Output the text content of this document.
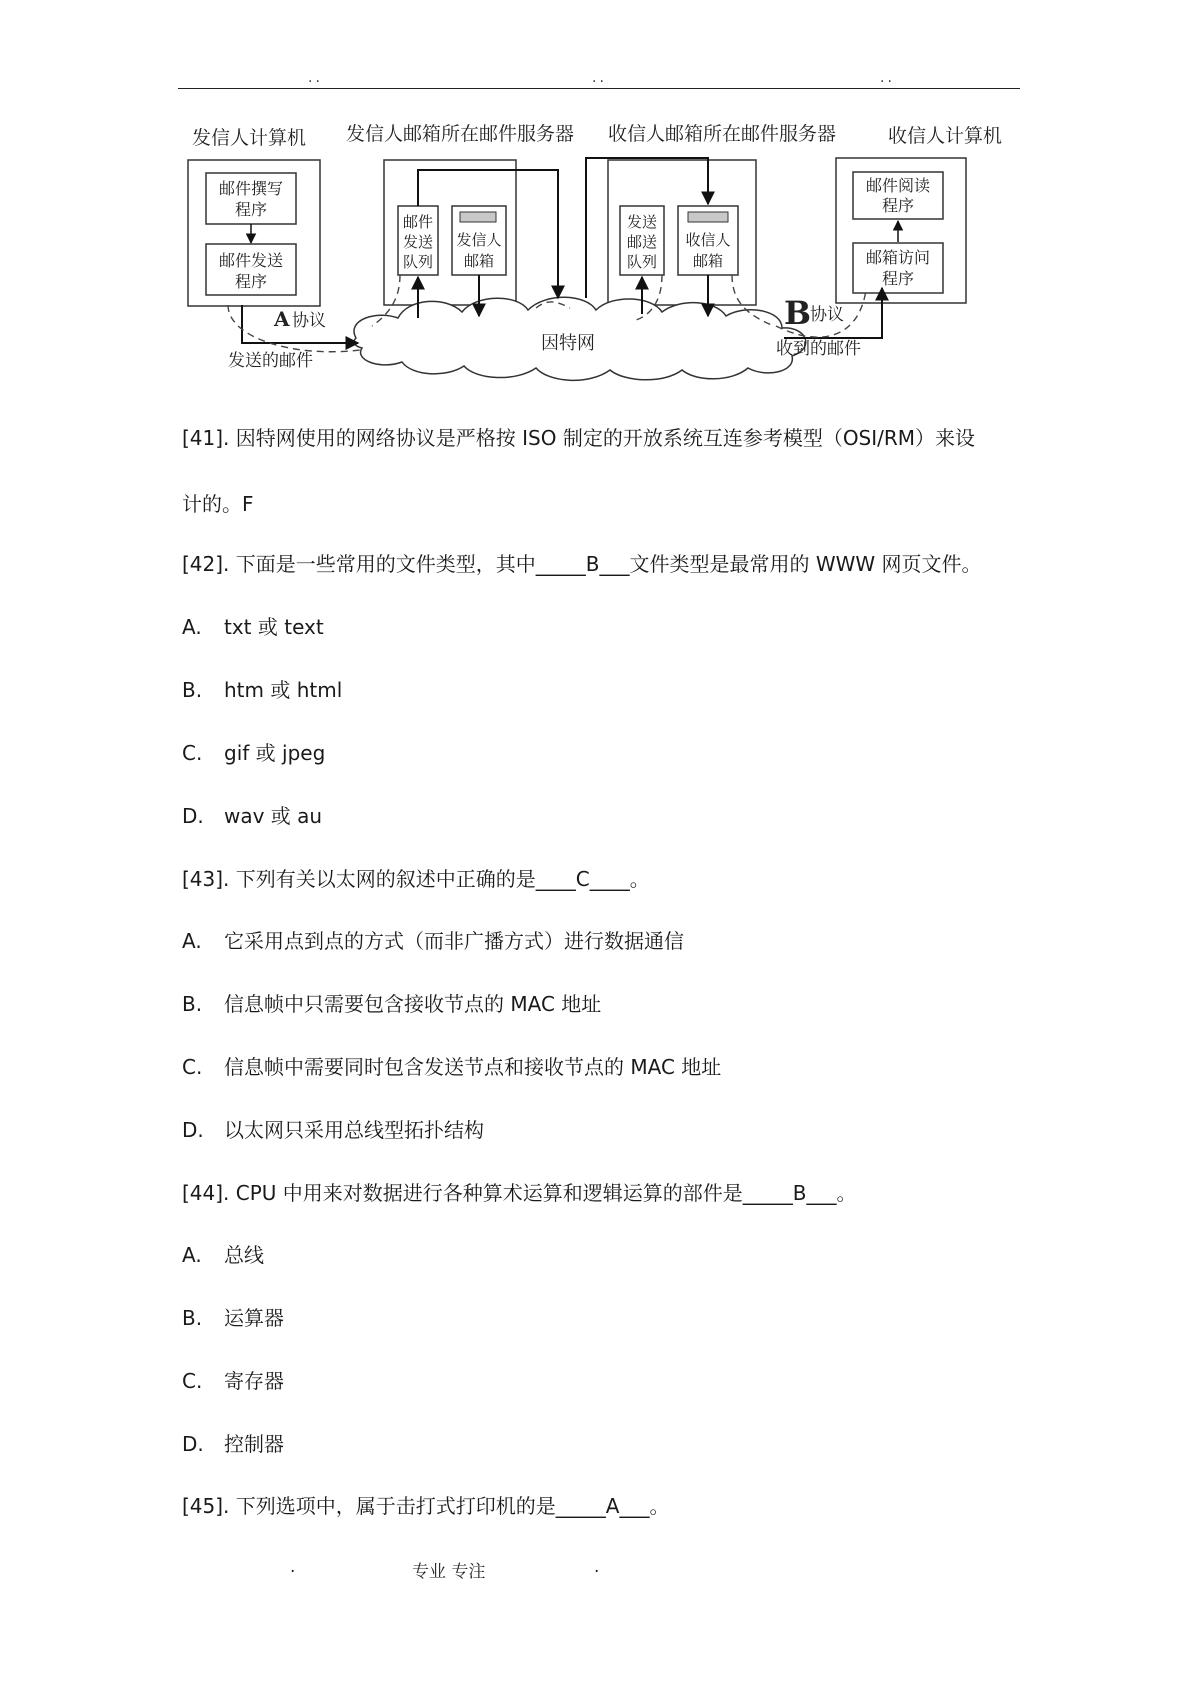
..	..	..
发信人计算机 发信人邮箱所在邮件服务器 收信人邮箱所在邮件服务器	收信人计算机
邮件撰写
程序
邮件发送
程序
邮件
发送
队列
发信人
邮箱
发送
邮送
队列
收信人
邮箱
邮件阅读
程序
邮箱访问
程序
因特网
A 协议
发送的邮件
B
协议
收到的邮件
[41]. 因特网使用的网络协议是严格按 ISO 制定的开放系统互连参考模型（OSI/RM）来设
计的。F
[42]. 下面是一些常用的文件类型，其中_____B___文件类型是最常用的 WWW 网页文件。
A. txt 或 text
B. htm 或 html
C. gif 或 jpeg
D. wav 或 au
[43]. 下列有关以太网的叙述中正确的是____C____。
A. 它采用点到点的方式（而非广播方式）进行数据通信
B. 信息帧中只需要包含接收节点的 MAC 地址
C. 信息帧中需要同时包含发送节点和接收节点的 MAC 地址
D. 以太网只采用总线型拓扑结构
[44]. CPU 中用来对数据进行各种算术运算和逻辑运算的部件是_____B___。
A. 总线
B. 运算器
C. 寄存器
D. 控制器
[45]. 下列选项中，属于击打式打印机的是_____A___。
.	专业 专注	.
